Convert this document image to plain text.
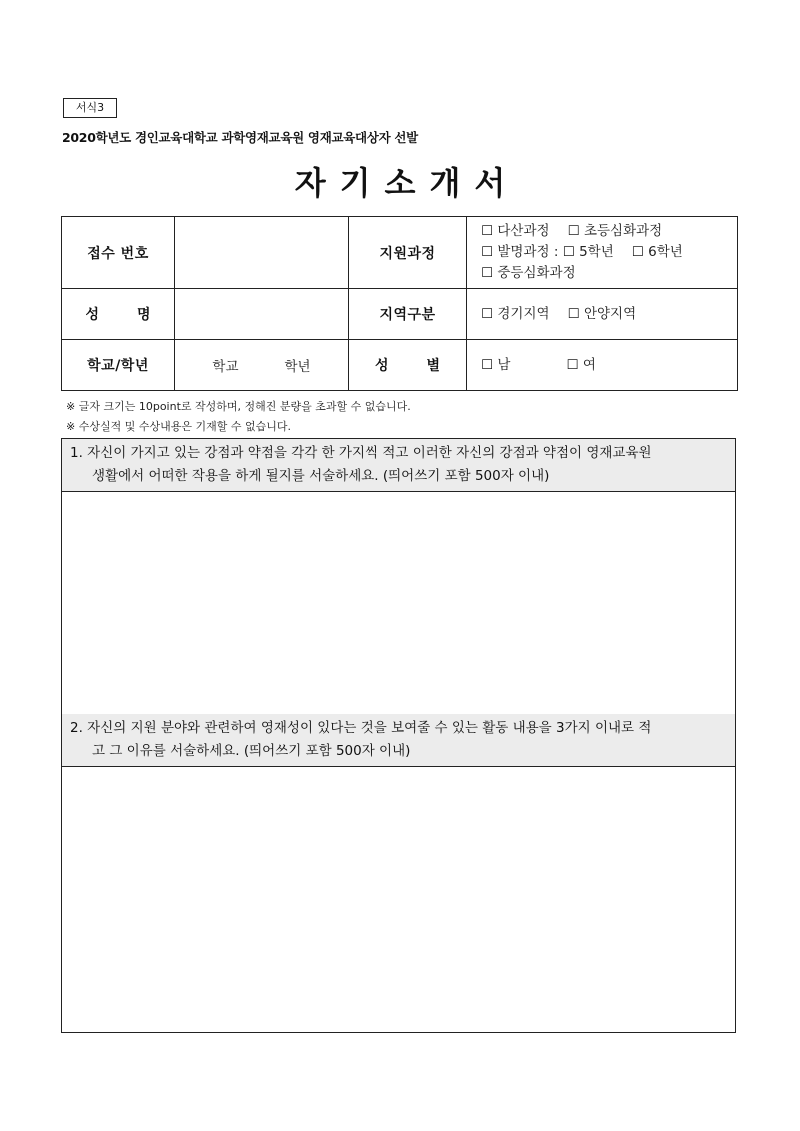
서식3
2020학년도 경인교육대학교 과학영재교육원 영재교육대상자 선발
자기소개서
접수 번호		지원과정	☐ 다산과정 ☐ 초등심화과정
☐ 발명과정 : ☐ 5학년 ☐ 6학년
☐ 중등심화과정

성 명		지역구분	☐ 경기지역 ☐ 안양지역
학교/학년	학교 학년	성 별	☐ 남 ☐ 여
※ 글자 크기는 10point로 작성하며, 정해진 분량을 초과할 수 없습니다.
※ 수상실적 및 수상내용은 기재할 수 없습니다.
1. 자신이 가지고 있는 강점과 약점을 각각 한 가지씩 적고 이러한 자신의 강점과 약점이 영재교육원
생활에서 어떠한 작용을 하게 될지를 서술하세요. (띄어쓰기 포함 500자 이내)
2. 자신의 지원 분야와 관련하여 영재성이 있다는 것을 보여줄 수 있는 활동 내용을 3가지 이내로 적
고 그 이유를 서술하세요. (띄어쓰기 포함 500자 이내)
